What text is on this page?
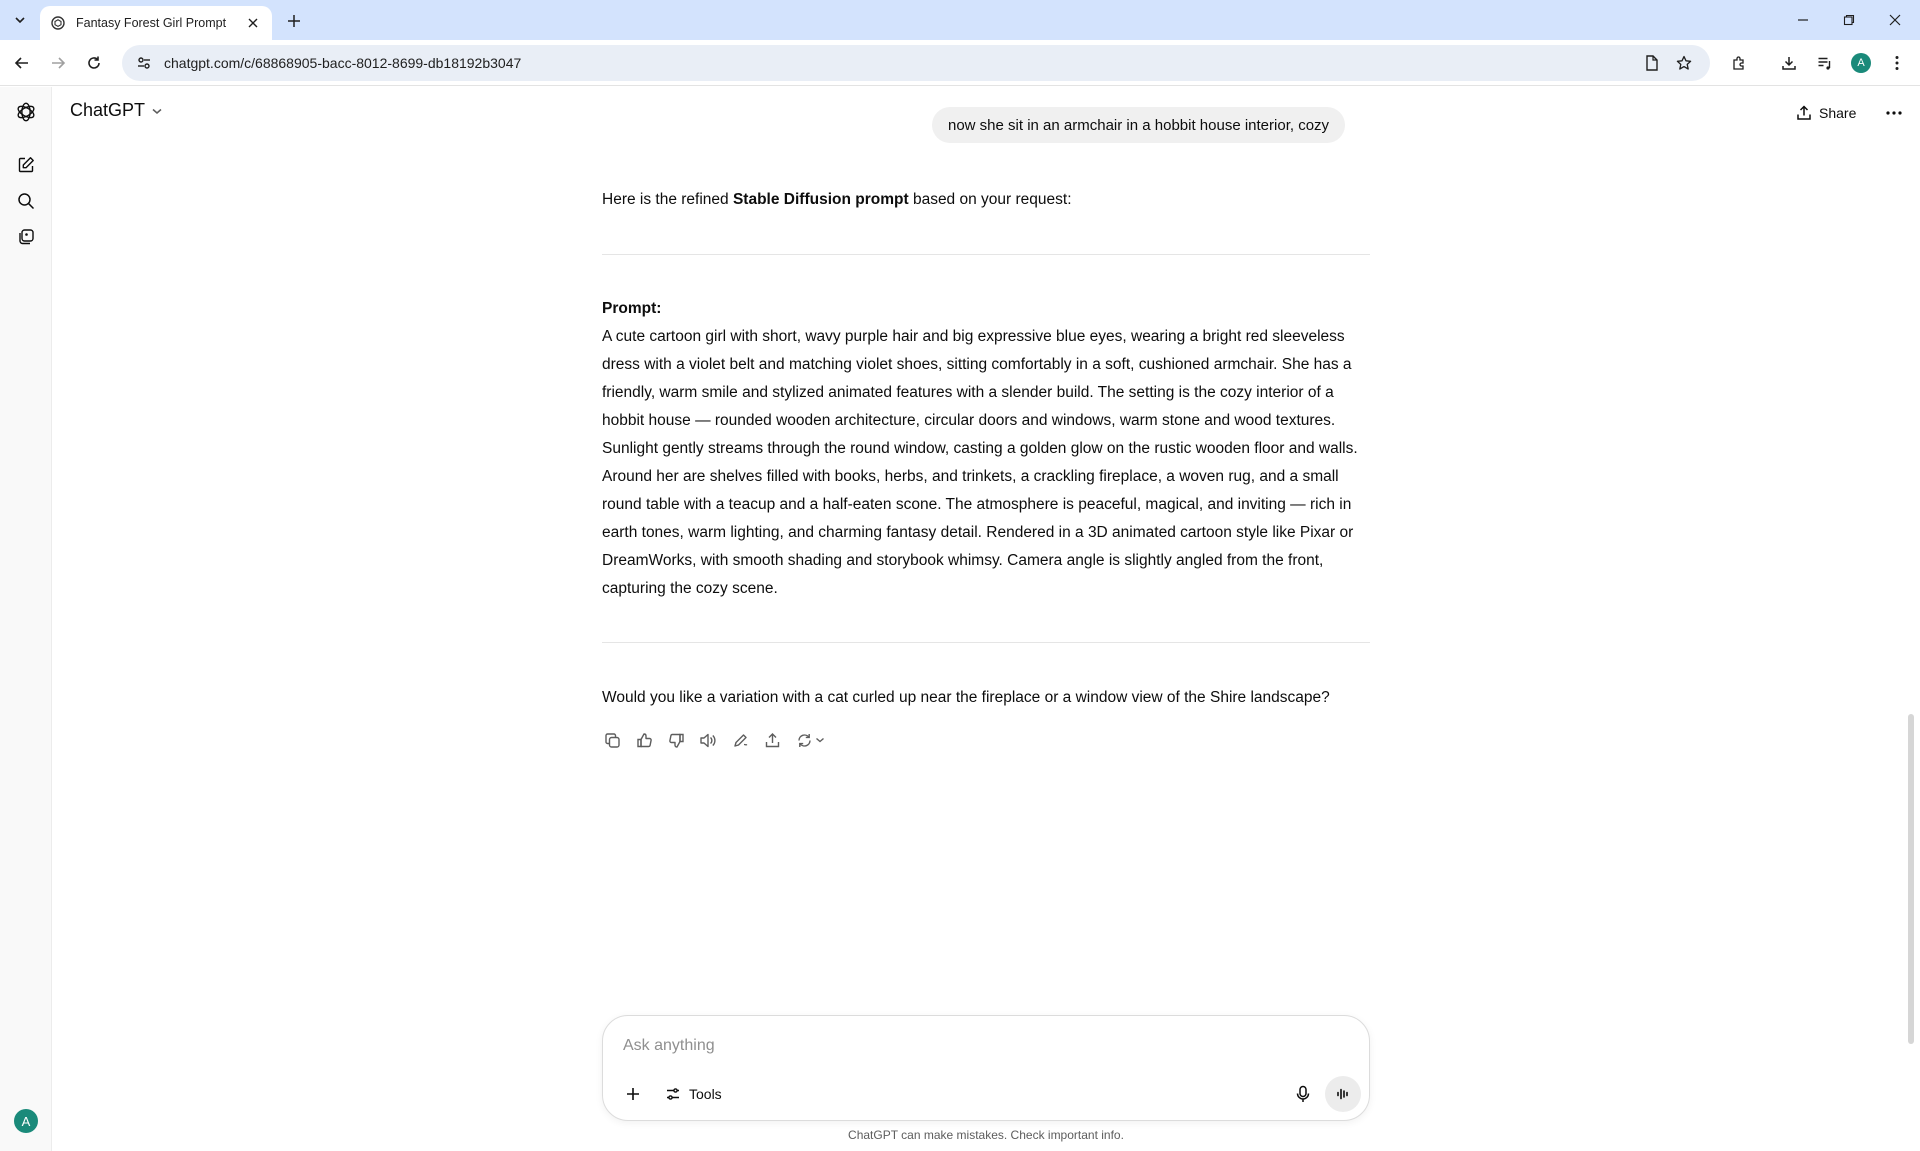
Fantasy Forest Girl Prompt
chatgpt.com/c/68868905-bacc-8012-8699-db18192b3047	A
A
ChatGPT	Share
now she sit in an armchair in a hobbit house interior, cozy
Here is the refined Stable Diffusion prompt based on your request:
Prompt:
A cute cartoon girl with short, wavy purple hair and big expressive blue eyes, wearing a bright red sleeveless dress with a violet belt and matching violet shoes, sitting comfortably in a soft, cushioned armchair. She has a friendly, warm smile and stylized animated features with a slender build. The setting is the cozy interior of a hobbit house — rounded wooden architecture, circular doors and windows, warm stone and wood textures. Sunlight gently streams through the round window, casting a golden glow on the rustic wooden floor and walls. Around her are shelves filled with books, herbs, and trinkets, a crackling fireplace, a woven rug, and a small round table with a teacup and a half-eaten scone. The atmosphere is peaceful, magical, and inviting — rich in earth tones, warm lighting, and charming fantasy detail. Rendered in a 3D animated cartoon style like Pixar or DreamWorks, with smooth shading and storybook whimsy. Camera angle is slightly angled from the front, capturing the cozy scene.
Would you like a variation with a cat curled up near the fireplace or a window view of the Shire landscape?
Ask anything
Tools
ChatGPT can make mistakes. Check important info.
